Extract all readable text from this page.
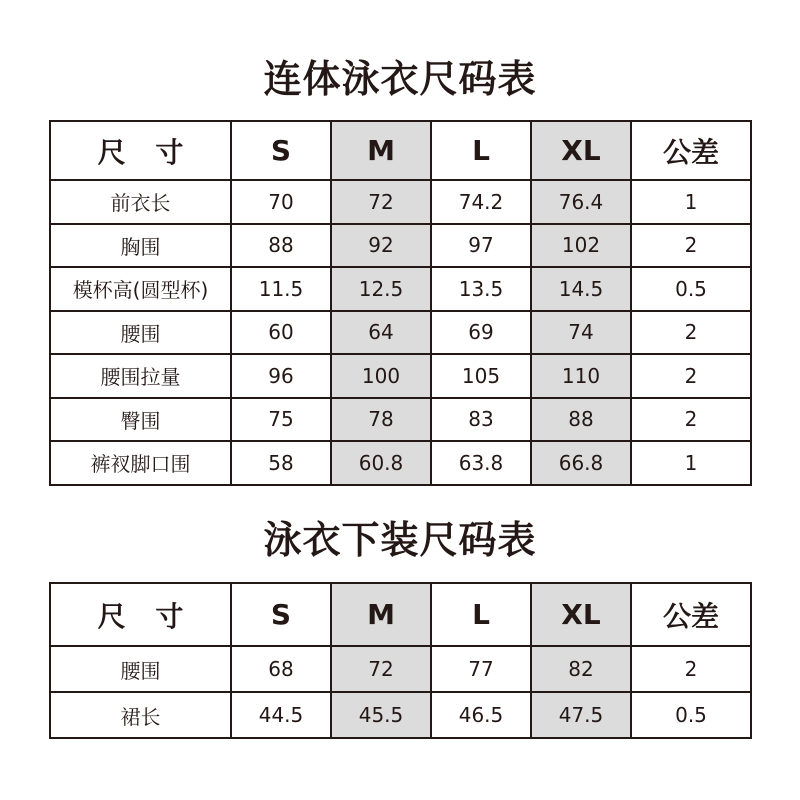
连体泳衣尺码表
尺 寸	S	M	L	XL	公差
前衣长	70	72	74.2	76.4	1
胸围	88	92	97	102	2
模杯高(圆型杯)	11.5	12.5	13.5	14.5	0.5
腰围	60	64	69	74	2
腰围拉量	96	100	105	110	2
臀围	75	78	83	88	2
裤衩脚口围	58	60.8	63.8	66.8	1
泳衣下装尺码表
尺 寸	S	M	L	XL	公差
腰围	68	72	77	82	2
裙长	44.5	45.5	46.5	47.5	0.5
